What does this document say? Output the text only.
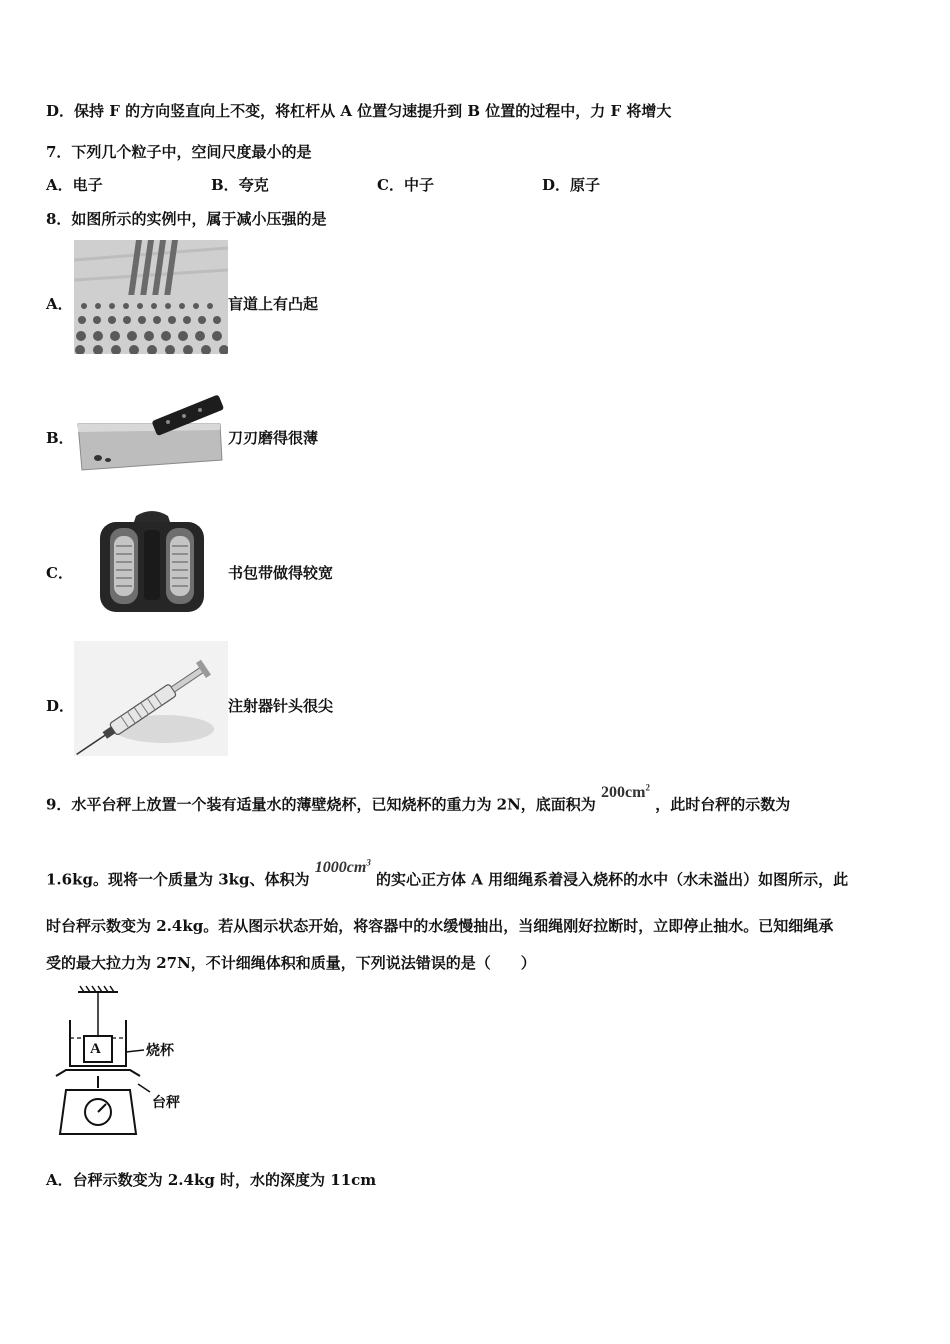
D．保持 F 的方向竖直向上不变，将杠杆从 A 位置匀速提升到 B 位置的过程中，力 F 将增大
7．下列几个粒子中，空间尺度最小的是
A．电子	B．夸克	C．中子	D．原子
8．如图所示的实例中，属于减小压强的是
A．	盲道上有凸起
B．	刀刃磨得很薄
C．	书包带做得较宽
D．	注射器针头很尖
9．水平台秤上放置一个装有适量水的薄壁烧杯，已知烧杯的重力为 2N，底面积为 $200cm^2$ ，此时台秤的示数为
1.6kg。现将一个质量为 3kg、体积为 $1000cm^3$ 的实心正方体 A 用细绳系着浸入烧杯的水中（水未溢出）如图所示，此
时台秤示数变为 2.4kg。若从图示状态开始，将容器中的水缓慢抽出，当细绳刚好拉断时，立即停止抽水。已知细绳承
受的最大拉力为 27N，不计细绳体积和质量，下列说法错误的是（　　）
A	烧杯
台秤
A．台秤示数变为 2.4kg 时，水的深度为 11cm
